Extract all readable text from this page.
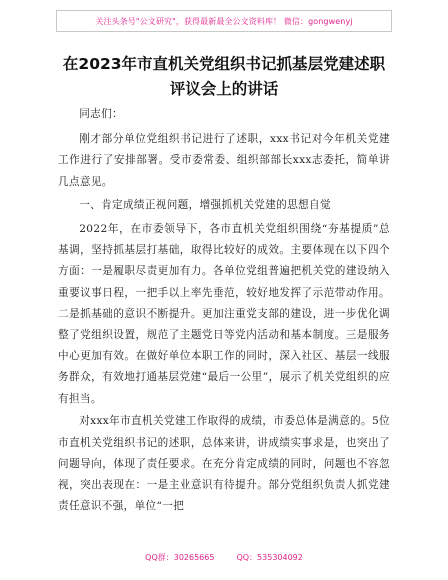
关注头条号"公文研究"，获得最新最全公文资料库！ 微信：gongwenyj
在2023年市直机关党组织书记抓基层党建述职
评议会上的讲话

同志们：

刚才部分单位党组织书记进行了述职，xxx书记对今年机关党建工作进行了安排部署。受市委常委、组织部部长xxx志委托，简单讲几点意见。

一、肯定成绩正视问题，增强抓机关党建的思想自觉

2022年，在市委领导下，各市直机关党组织围绕“夯基提质”总基调，坚持抓基层打基础，取得比较好的成效。主要体现在以下四个方面：一是履职尽责更加有力。各单位党组普遍把机关党的建设纳入重要议事日程，一把手以上率先垂范，较好地发挥了示范带动作用。二是抓基础的意识不断提升。更加注重党支部的建设，进一步优化调整了党组织设置，规范了主题党日等党内活动和基本制度。三是服务中心更加有效。在做好单位本职工作的同时，深入社区、基层一线服务群众，有效地打通基层党建“最后一公里”，展示了机关党组织的应有担当。

对xxx年市直机关党建工作取得的成绩，市委总体是满意的。5位市直机关党组织书记的述职，总体来讲，讲成绩实事求是，也突出了问题导向，体现了责任要求。在充分肯定成绩的同时，问题也不容忽视，突出表现在：一是主业意识有待提升。部分党组织负责人抓党建责任意识不强，单位“一把

QQ群：30265665	QQ：535304092
